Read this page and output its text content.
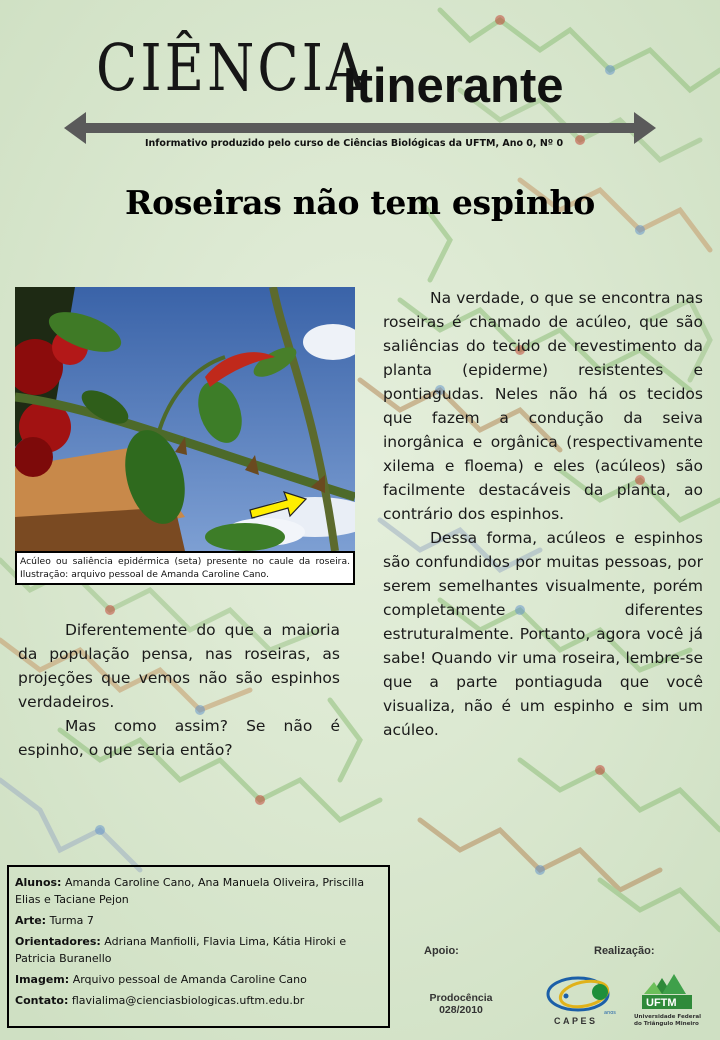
CIÊNCIA
Itinerante
Informativo produzido pelo curso de Ciências Biológicas da UFTM, Ano 0, Nº 0
Roseiras não tem espinho
Acúleo ou saliência epidérmica (seta) presente no caule da roseira. Ilustração: arquivo pessoal de Amanda Caroline Cano.

Diferentemente do que a maioria da população pensa, nas roseiras, as projeções que vemos não são espinhos verdadeiros.

Mas como assim? Se não é espinho, o que seria então?

Na verdade, o que se encontra nas roseiras é chamado de acúleo, que são saliências do tecido de revestimento da planta (epiderme) resistentes e pontiagudas. Neles não há os tecidos que fazem a condução da seiva inorgânica e orgânica (respectivamente xilema e floema) e eles (acúleos) são facilmente destacáveis da planta, ao contrário dos espinhos.

Dessa forma, acúleos e espinhos são confundidos por muitas pessoas, por serem semelhantes visualmente, porém completamente diferentes estruturalmente. Portanto, agora você já sabe! Quando vir uma roseira, lembre-se que a parte pontiaguda que você visualiza, não é um espinho e sim um acúleo.

Alunos: Amanda Caroline Cano, Ana Manuela Oliveira, Priscilla Elias e Taciane Pejon
Arte: Turma 7
Orientadores: Adriana Manfiolli, Flavia Lima, Kátia Hiroki e Patricia Buranello
Imagem: Arquivo pessoal de Amanda Caroline Cano
Contato: flavialima@cienciasbiologicas.uftm.edu.br
Apoio:	Realização:
Prodocência
028/2010	anos
CAPES
UFTM
Universidade Federal
do Triângulo Mineiro
